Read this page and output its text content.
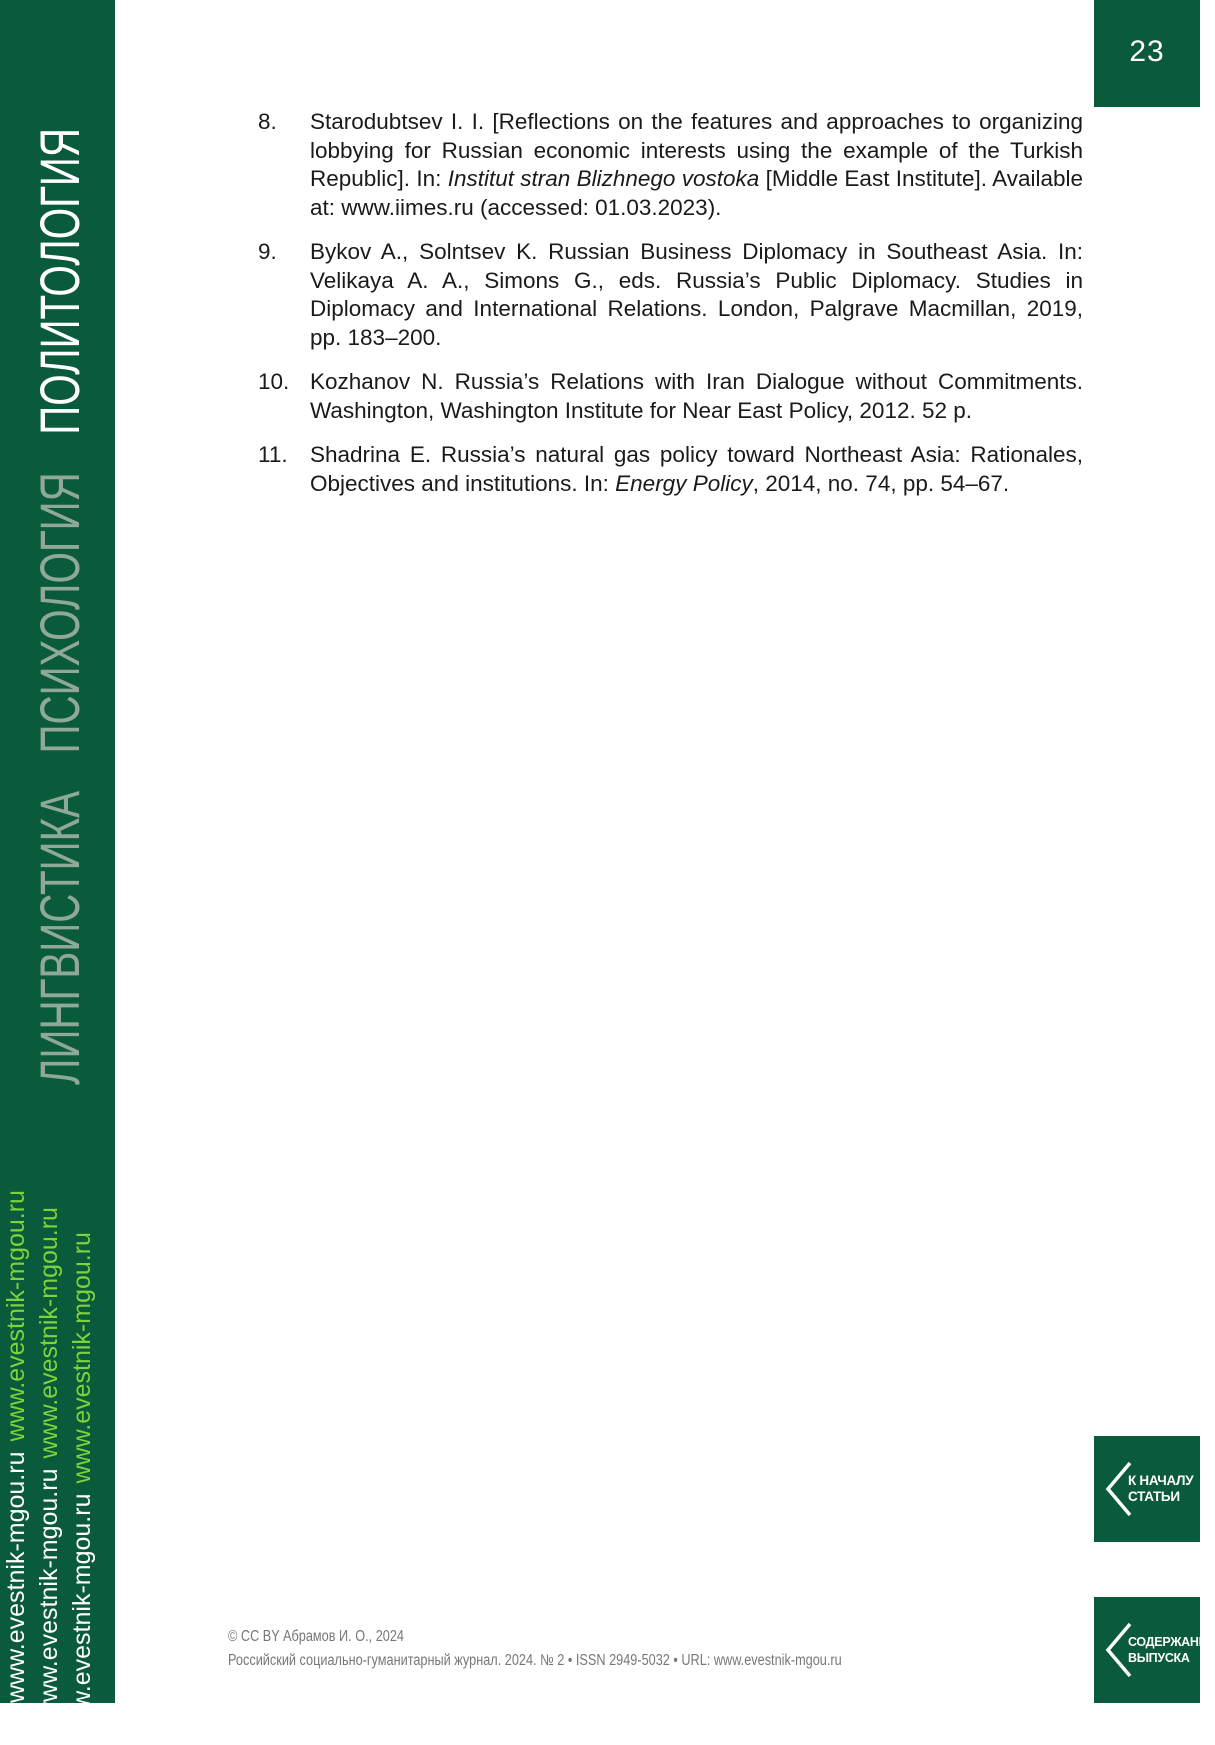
ЛИНГВИСТИКАПСИХОЛОГИЯПОЛИТОЛОГИЯ
www.evestnik-mgou.ruwww.evestnik-mgou.ru
www.evestnik-mgou.ruwww.evestnik-mgou.ru
www.evestnik-mgou.ruwww.evestnik-mgou.ru
23
8. Starodubtsev I. I. [Reflections on the features and approaches to organizing lobbying for Russian economic interests using the example of the Turkish Republic]. In: Institut stran Blizhnego vostoka [Middle East Institute]. Available at: www.iimes.ru (accessed: 01.03.2023).
9. Bykov A., Solntsev K. Russian Business Diplomacy in Southeast Asia. In: Velikaya A. A., Simons G., eds. Russia’s Public Diplomacy. Studies in Diplomacy and International Relations. London, Palgrave Macmillan, 2019, pp. 183–200.
10. Kozhanov N. Russia’s Relations with Iran Dialogue without Commitments. Washington, Washington Institute for Near East Policy, 2012. 52 p.
11. Shadrina E. Russia’s natural gas policy toward Northeast Asia: Rationales, Objectives and institutions. In: Energy Policy, 2014, no. 74, pp. 54–67.
К НАЧАЛУ
СТАТЬИ
СОДЕРЖАНИЕ
ВЫПУСКА
© CC BY Абрамов И. О., 2024
Российский социально-гуманитарный журнал. 2024. № 2 • ISSN 2949-5032 • URL: www.evestnik-mgou.ru
